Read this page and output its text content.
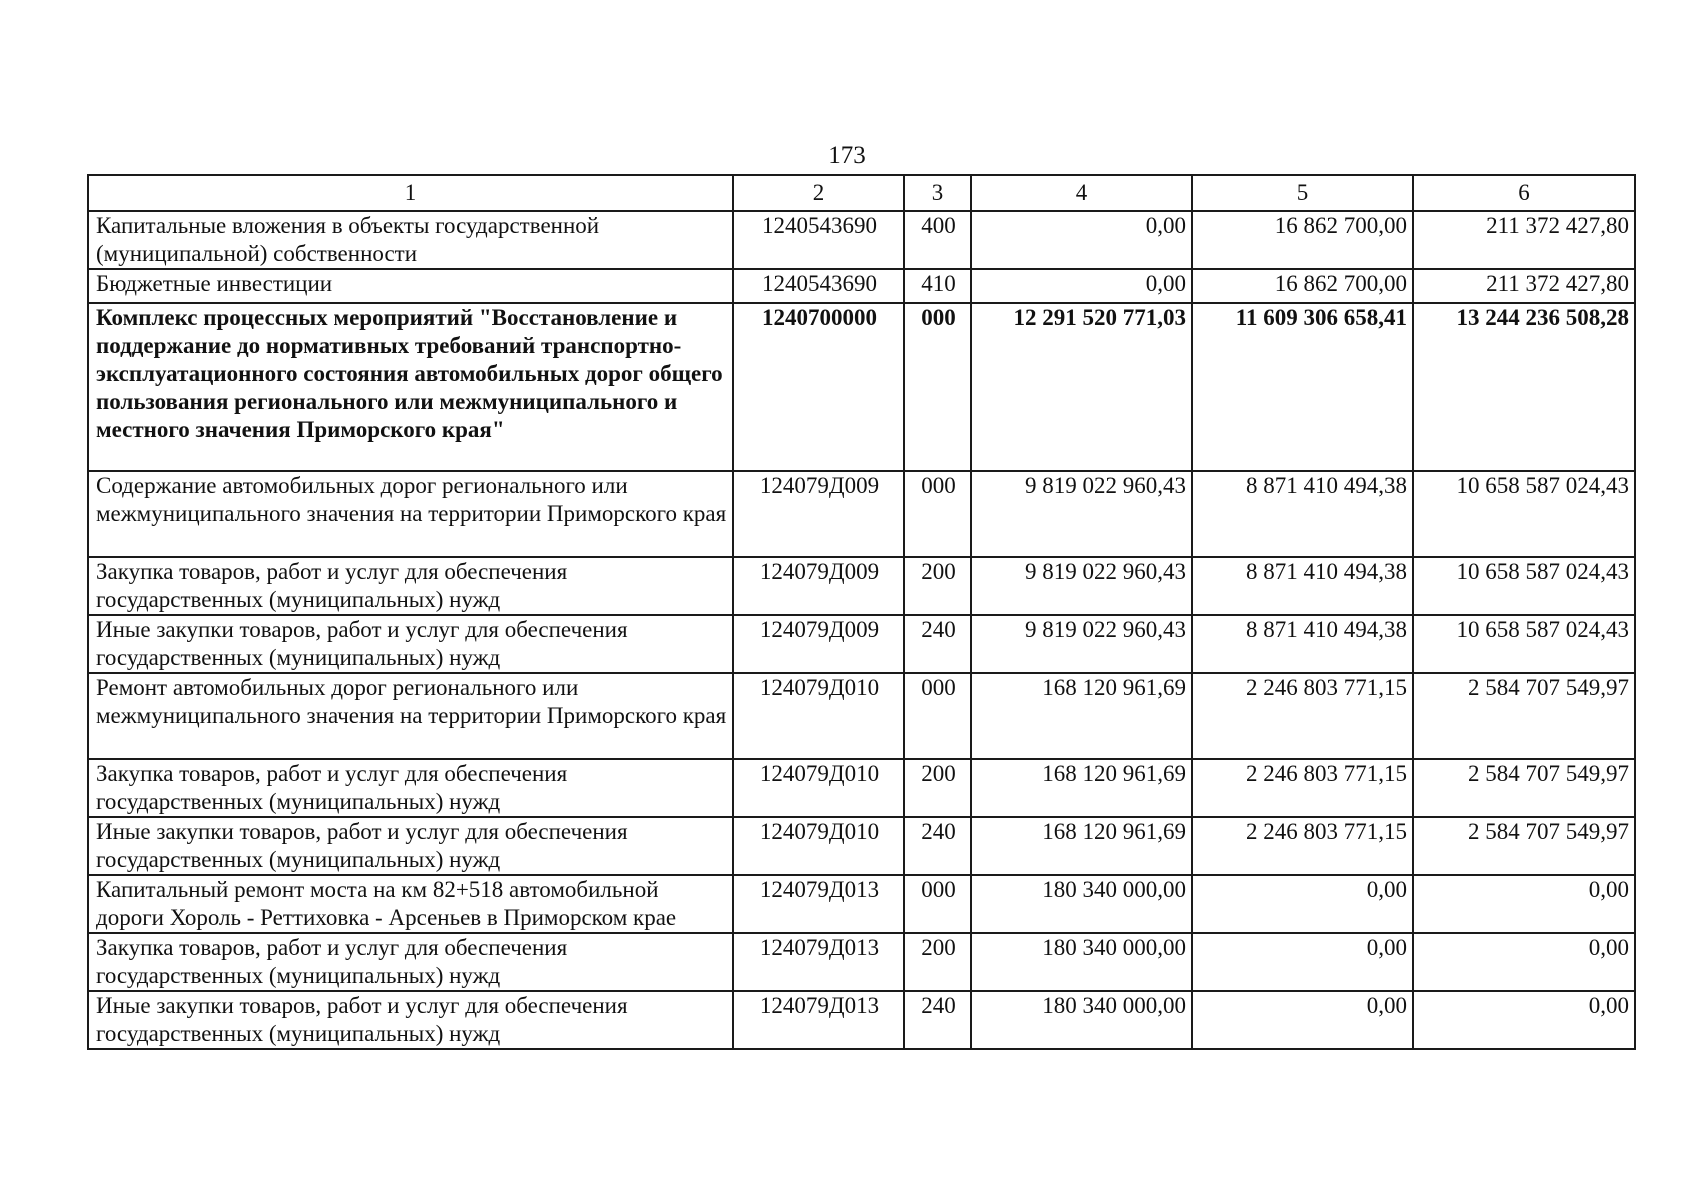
173
1	2	3	4	5	6
Капитальные вложения в объекты государственной (муниципальной) собственности	1240543690	400	0,00	16 862 700,00	211 372 427,80
Бюджетные инвестиции	1240543690	410	0,00	16 862 700,00	211 372 427,80
Комплекс процессных мероприятий "Восстановление и поддержание до нормативных требований транспортно-эксплуатационного состояния автомобильных дорог общего пользования регионального или межмуниципального и местного значения Приморского края"	1240700000	000	12 291 520 771,03	11 609 306 658,41	13 244 236 508,28
Содержание автомобильных дорог регионального или межмуниципального значения на территории Приморского края	124079Д009	000	9 819 022 960,43	8 871 410 494,38	10 658 587 024,43
Закупка товаров, работ и услуг для обеспечения государственных (муниципальных) нужд	124079Д009	200	9 819 022 960,43	8 871 410 494,38	10 658 587 024,43
Иные закупки товаров, работ и услуг для обеспечения государственных (муниципальных) нужд	124079Д009	240	9 819 022 960,43	8 871 410 494,38	10 658 587 024,43
Ремонт автомобильных дорог регионального или межмуниципального значения на территории Приморского края	124079Д010	000	168 120 961,69	2 246 803 771,15	2 584 707 549,97
Закупка товаров, работ и услуг для обеспечения государственных (муниципальных) нужд	124079Д010	200	168 120 961,69	2 246 803 771,15	2 584 707 549,97
Иные закупки товаров, работ и услуг для обеспечения государственных (муниципальных) нужд	124079Д010	240	168 120 961,69	2 246 803 771,15	2 584 707 549,97
Капитальный ремонт моста на км 82+518 автомобильной дороги Хороль - Реттиховка - Арсеньев в Приморском крае	124079Д013	000	180 340 000,00	0,00	0,00
Закупка товаров, работ и услуг для обеспечения государственных (муниципальных) нужд	124079Д013	200	180 340 000,00	0,00	0,00
Иные закупки товаров, работ и услуг для обеспечения государственных (муниципальных) нужд	124079Д013	240	180 340 000,00	0,00	0,00
